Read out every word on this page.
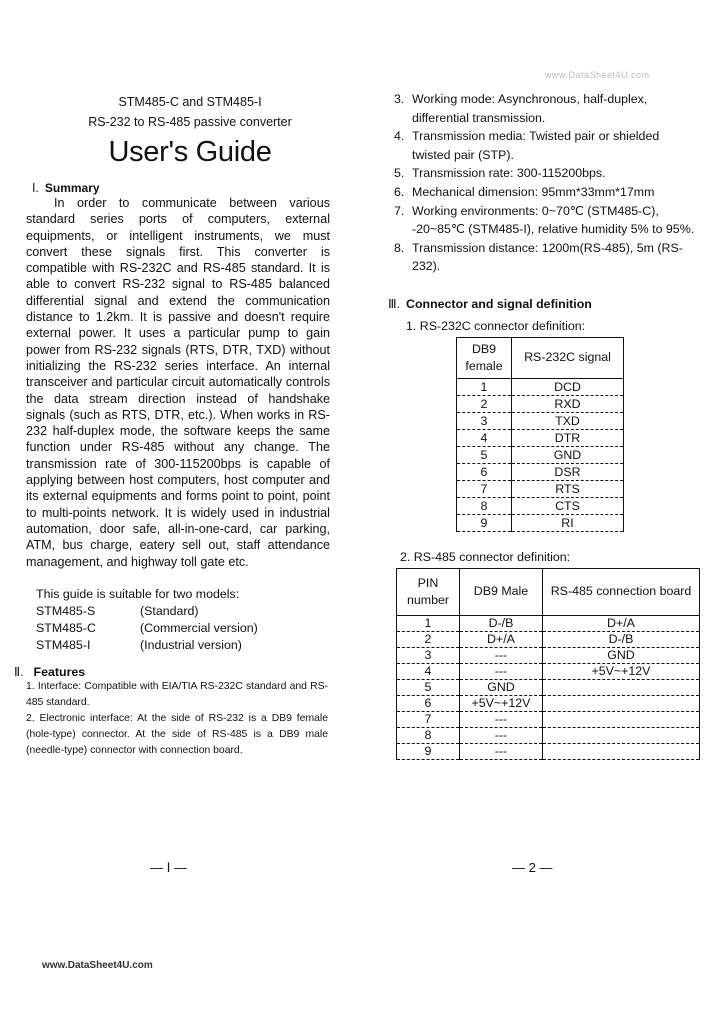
www.DataSheet4U.com
STM485-C and STM485-I
RS-232 to RS-485 passive converter
User's Guide
Ⅰ. Summary

In order to communicate between various standard series ports of computers, external equipments, or intelligent instruments, we must convert these signals first. This converter is compatible with RS-232C and RS-485 standard. It is able to convert RS-232 signal to RS-485 balanced differential signal and extend the communication distance to 1.2km. It is passive and doesn't require external power. It uses a particular pump to gain power from RS-232 signals (RTS, DTR, TXD) without initializing the RS-232 series interface. An internal transceiver and particular circuit automatically controls the data stream direction instead of handshake signals (such as RTS, DTR, etc.). When works in RS-232 half-duplex mode, the software keeps the same function under RS-485 without any change. The transmission rate of 300-115200bps is capable of applying between host computers, host computer and its external equipments and forms point to point, point to multi-points network. It is widely used in industrial automation, door safe, all-in-one-card, car parking, ATM, bus charge, eatery sell out, staff attendance management, and highway toll gate etc.

This guide is suitable for two models:
STM485-S	(Standard)
STM485-C	(Commercial version)
STM485-I	(Industrial version)
Ⅱ. Features

1. Interface: Compatible with EIA/TIA RS-232C standard and RS-485 standard.

2. Electronic interface: At the side of RS-232 is a DB9 female (hole-type) connector. At the side of RS-485 is a DB9 male (needle-type) connector with connection board.

— Ⅰ —
3. Working mode: Asynchronous, half-duplex, differential transmission.
4. Transmission media: Twisted pair or shielded twisted pair (STP).
5. Transmission rate: 300-115200bps.
6. Mechanical dimension: 95mm*33mm*17mm
7. Working environments: 0~70℃ (STM485-C), -20~85℃ (STM485-I), relative humidity 5% to 95%.
8. Transmission distance: 1200m(RS-485), 5m (RS-232).
Ⅲ. Connector and signal definition
1. RS-232C connector definition:
DB9 female	RS-232C signal
1	DCD
2	RXD
3	TXD
4	DTR
5	GND
6	DSR
7	RTS
8	CTS
9	RI
2. RS-485 connector definition:
PIN number	DB9 Male	RS-485 connection board
1	D-/B	D+/A
2	D+/A	D-/B
3	---	GND
4	---	+5V~+12V
5	GND	
6	+5V~+12V	
7	---	
8	---	
9	---	
— 2 —
www.DataSheet4U.com
